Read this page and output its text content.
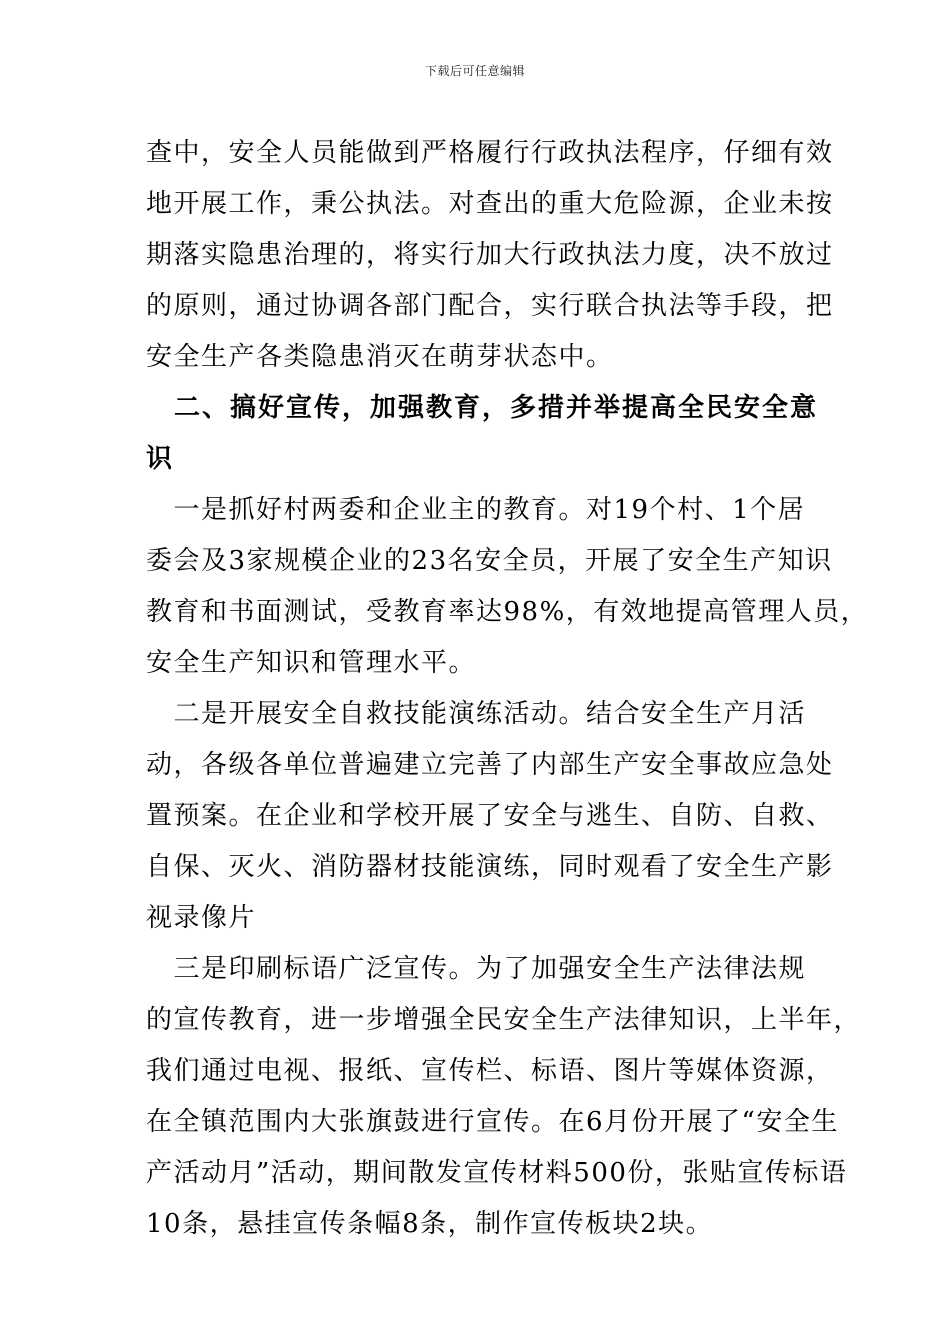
下载后可任意编辑
查中，安全人员能做到严格履行行政执法程序，仔细有效
地开展工作，秉公执法。对查出的重大危险源，企业未按
期落实隐患治理的，将实行加大行政执法力度，决不放过
的原则，通过协调各部门配合，实行联合执法等手段，把
安全生产各类隐患消灭在萌芽状态中。
　二、搞好宣传，加强教育，多措并举提高全民安全意
识
　一是抓好村两委和企业主的教育。对19个村、1个居
委会及3家规模企业的23名安全员，开展了安全生产知识
教育和书面测试，受教育率达98%，有效地提高管理人员，
安全生产知识和管理水平。
　二是开展安全自救技能演练活动。结合安全生产月活
动，各级各单位普遍建立完善了内部生产安全事故应急处
置预案。在企业和学校开展了安全与逃生、自防、自救、
自保、灭火、消防器材技能演练，同时观看了安全生产影
视录像片
　三是印刷标语广泛宣传。为了加强安全生产法律法规
的宣传教育，进一步增强全民安全生产法律知识，上半年，
我们通过电视、报纸、宣传栏、标语、图片等媒体资源，
在全镇范围内大张旗鼓进行宣传。在6月份开展了“安全生
产活动月”活动，期间散发宣传材料500份，张贴宣传标语
10条，悬挂宣传条幅8条，制作宣传板块2块。
